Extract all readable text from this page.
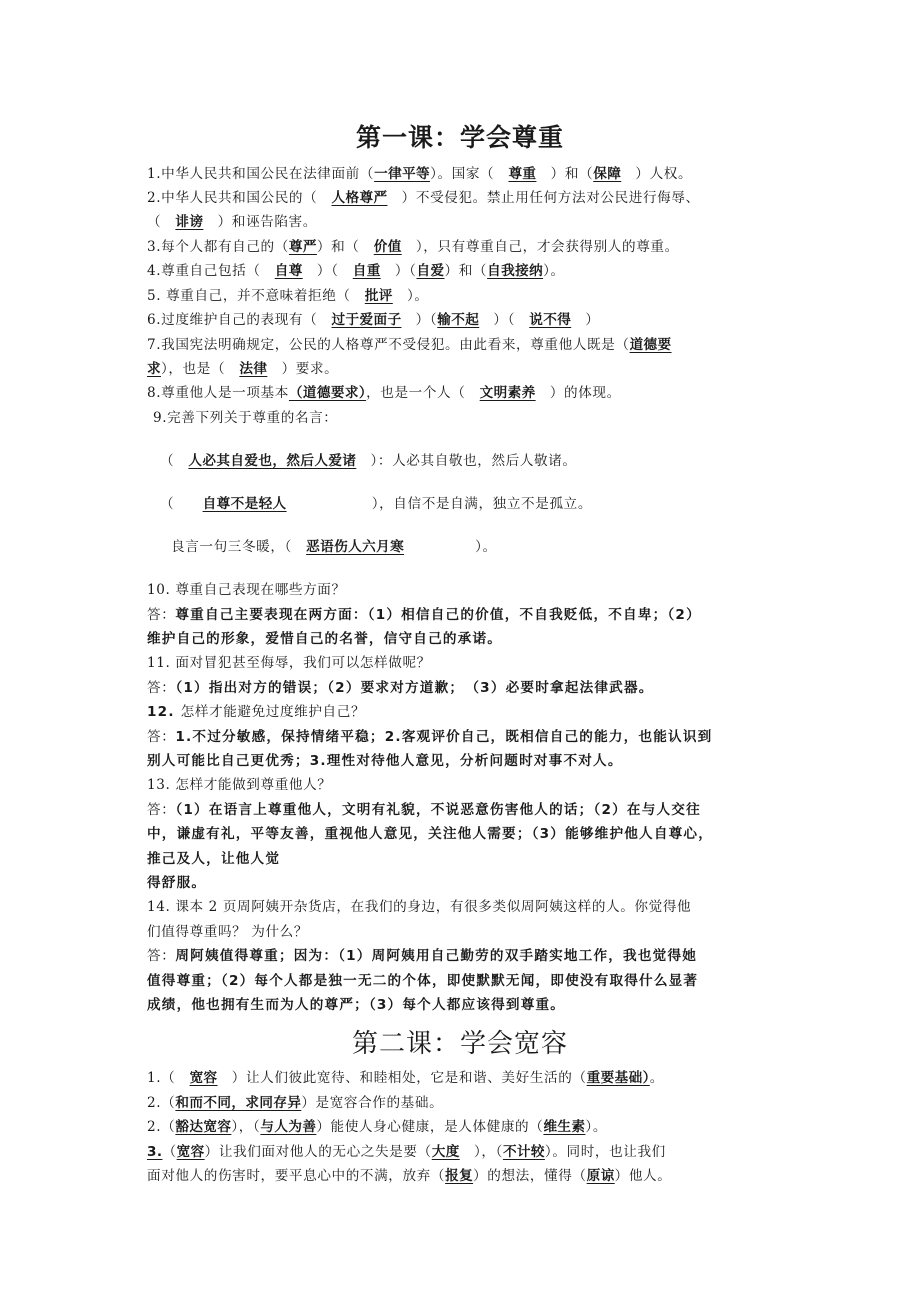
第一课：学会尊重
1.中华人民共和国公民在法律面前（一律平等）。国家（　尊重　）和（保障　）人权。
2.中华人民共和国公民的（　人格尊严　）不受侵犯。禁止用任何方法对公民进行侮辱、
（　诽谤　）和诬告陷害。
3.每个人都有自己的（尊严）和（　价值　），只有尊重自己，才会获得别人的尊重。
4.尊重自己包括（　自尊　）（　自重　）（自爱）和（自我接纳）。
5. 尊重自己，并不意味着拒绝（　批评　）。
6.过度维护自己的表现有（　过于爱面子　）（输不起　）（　说不得　）
7.我国宪法明确规定，公民的人格尊严不受侵犯。由此看来，尊重他人既是（道德要
求），也是（　法律　）要求。
8.尊重他人是一项基本（道德要求），也是一个人（　文明素养　）的体现。
9.完善下列关于尊重的名言：
（　人必其自爱也，然后人爱诸　）：人必其自敬也，然后人敬诸。
（　　自尊不是轻人　　　　　　），自信不是自满，独立不是孤立。
良言一句三冬暖，（　恶语伤人六月寒　　　　　）。
10. 尊重自己表现在哪些方面？
答：尊重自己主要表现在两方面：（1）相信自己的价值，不自我贬低，不自卑；（2）
维护自己的形象，爱惜自己的名誉，信守自己的承诺。
11. 面对冒犯甚至侮辱，我们可以怎样做呢？
答：（1）指出对方的错误；（2）要求对方道歉；　（3）必要时拿起法律武器。
12. 怎样才能避免过度维护自己？
答：1.不过分敏感，保持情绪平稳；2.客观评价自己，既相信自己的能力，也能认识到
别人可能比自己更优秀；3.理性对待他人意见，分析问题时对事不对人。
13. 怎样才能做到尊重他人？
答：（1）在语言上尊重他人，文明有礼貌，不说恶意伤害他人的话；（2）在与人交往
中，谦虚有礼，平等友善，重视他人意见，关注他人需要；（3）能够维护他人自尊心，
推己及人，让他人觉
得舒服。
14. 课本 2 页周阿姨开杂货店，在我们的身边，有很多类似周阿姨这样的人。你觉得他
们值得尊重吗？ 为什么？
答：周阿姨值得尊重；因为：（1）周阿姨用自己勤劳的双手踏实地工作，我也觉得她
值得尊重；（2）每个人都是独一无二的个体，即使默默无闻，即使没有取得什么显著
成绩，他也拥有生而为人的尊严；（3）每个人都应该得到尊重。
第二课：学会宽容
1.（　宽容　）让人们彼此宽待、和睦相处，它是和谐、美好生活的（重要基础）。
2.（和而不同，求同存异）是宽容合作的基础。
2.（豁达宽容），（与人为善）能使人身心健康，是人体健康的（维生素）。
3.（宽容）让我们面对他人的无心之失是要（大度　），（不计较）。同时，也让我们
面对他人的伤害时，要平息心中的不满，放弃（报复）的想法，懂得（原谅）他人。
